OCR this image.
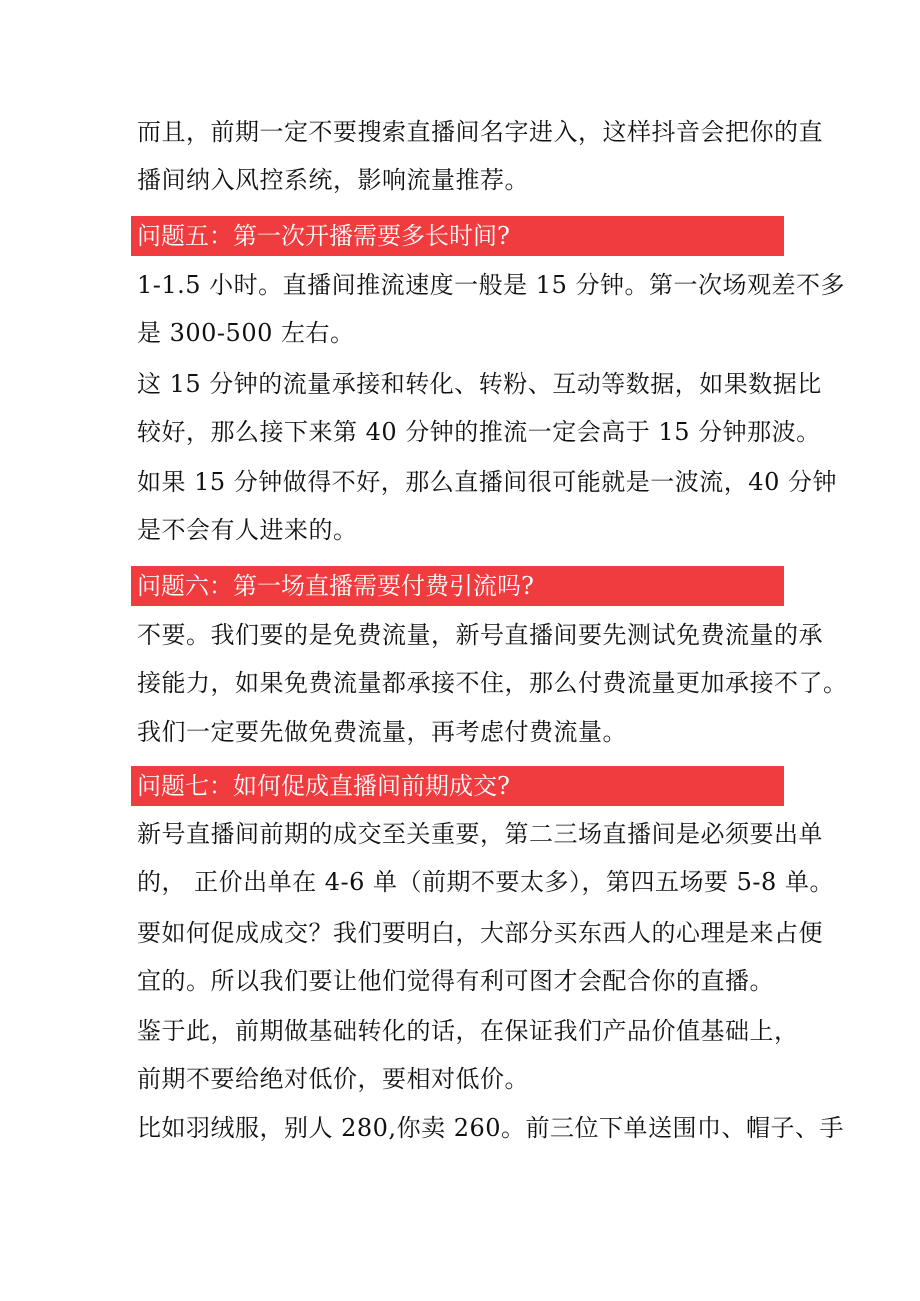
而且，前期一定不要搜索直播间名字进入，这样抖音会把你的直
播间纳入风控系统，影响流量推荐。
问题五：第一次开播需要多长时间?
1-1.5 小时。直播间推流速度一般是 15 分钟。第一次场观差不多
是 300-500 左右。
这 15 分钟的流量承接和转化、转粉、互动等数据，如果数据比
较好，那么接下来第 40 分钟的推流一定会高于 15 分钟那波。
如果 15 分钟做得不好，那么直播间很可能就是一波流，40 分钟
是不会有人进来的。
问题六：第一场直播需要付费引流吗?
不要。我们要的是免费流量，新号直播间要先测试免费流量的承
接能力，如果免费流量都承接不住，那么付费流量更加承接不了。
我们一定要先做免费流量，再考虑付费流量。
问题七：如何促成直播间前期成交?
新号直播间前期的成交至关重要，第二三场直播间是必须要出单
的， 正价出单在 4-6 单（前期不要太多），第四五场要 5-8 单。
要如何促成成交？我们要明白，大部分买东西人的心理是来占便
宜的。所以我们要让他们觉得有利可图才会配合你的直播。
鉴于此，前期做基础转化的话，在保证我们产品价值基础上，
前期不要给绝对低价，要相对低价。
比如羽绒服，别人 280,你卖 260。前三位下单送围巾、帽子、手
